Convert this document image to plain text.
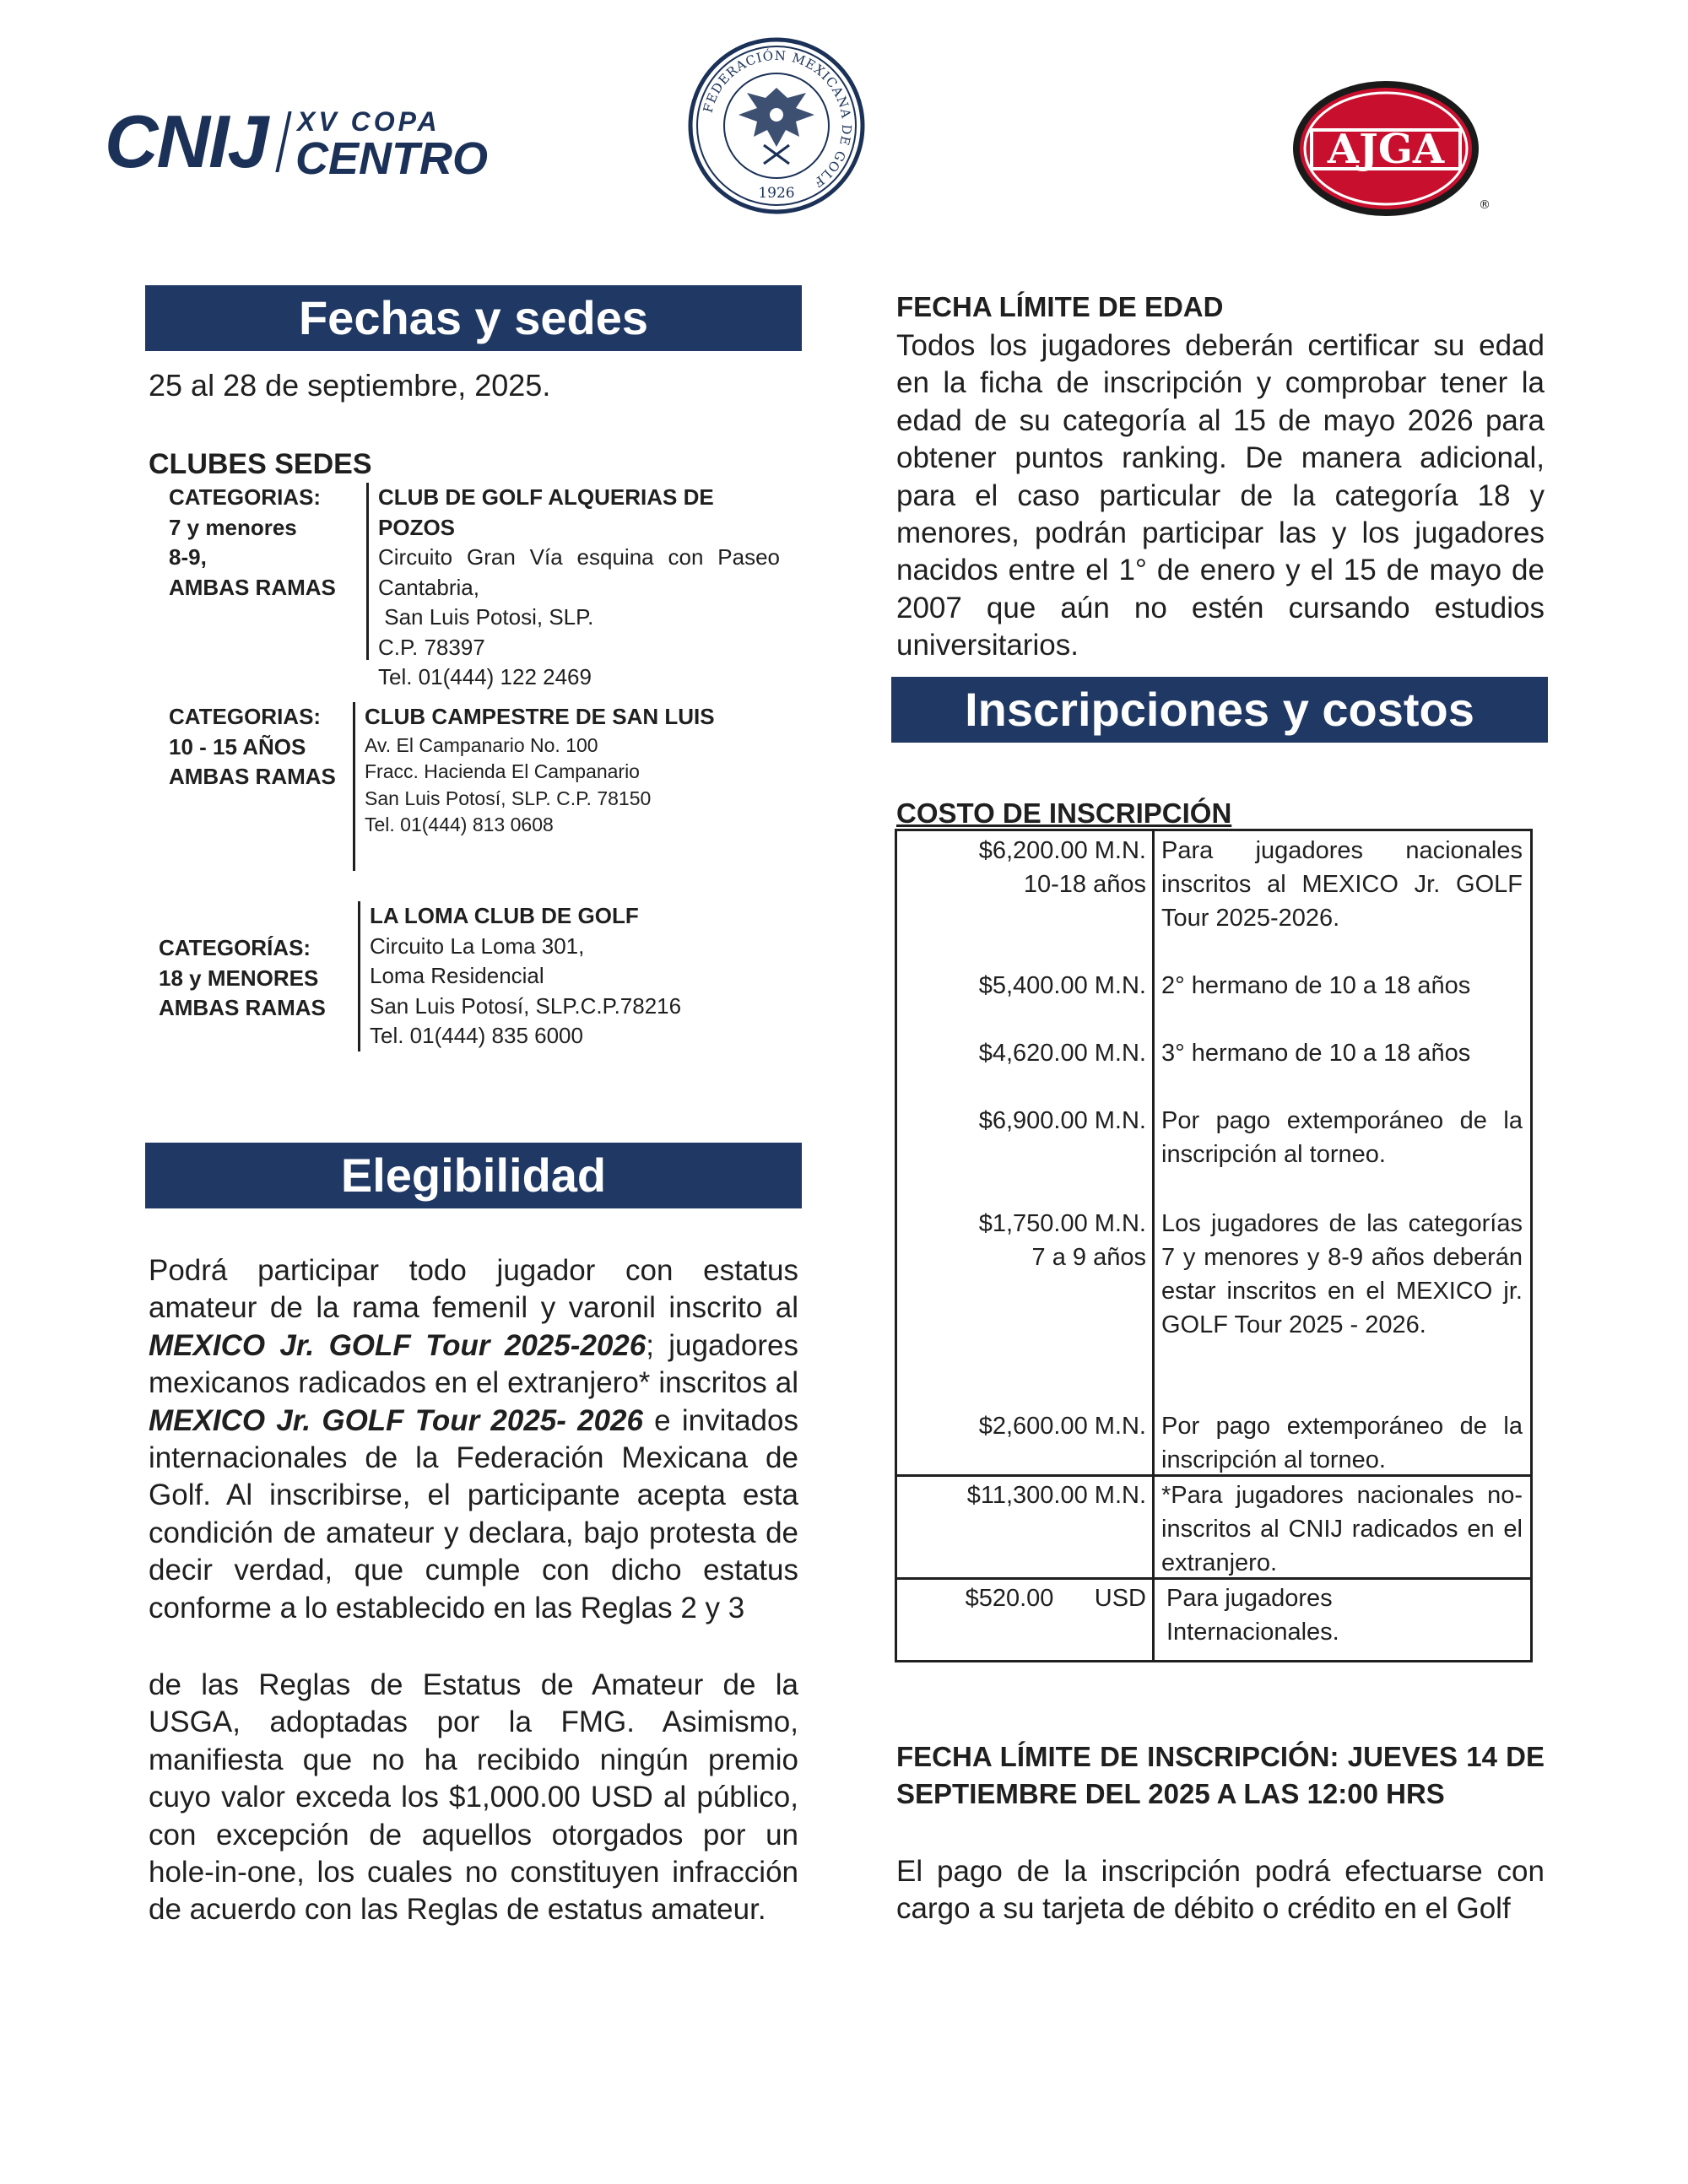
CNIJ XV COPA
CENTRO
FEDERACIÓN MEXICANA DE GOLF
1926
AJGA
®
Fechas y sedes
25 al 28 de septiembre, 2025.
CLUBES SEDES
CATEGORIAS:
7 y menores
8-9,
AMBAS RAMAS
CLUB DE GOLF ALQUERIAS DE POZOS
Circuito Gran Vía esquina con Paseo
Cantabria,
San Luis Potosi, SLP.
C.P. 78397
Tel. 01(444) 122 2469
CATEGORIAS:
10 - 15 AÑOS
AMBAS RAMAS
CLUB CAMPESTRE DE SAN LUIS
Av. El Campanario No. 100
Fracc. Hacienda El Campanario
San Luis Potosí, SLP. C.P. 78150
Tel. 01(444) 813 0608
CATEGORÍAS:
18 y MENORES
AMBAS RAMAS
LA LOMA CLUB DE GOLF
Circuito La Loma 301,
Loma Residencial
San Luis Potosí, SLP.C.P.78216
Tel. 01(444) 835 6000
Elegibilidad
Podrá participar todo jugador con estatus amateur de la rama femenil y varonil inscrito al MEXICO Jr. GOLF Tour 2025-2026; jugadores mexicanos radicados en el extranjero* inscritos al MEXICO Jr. GOLF Tour 2025- 2026 e invitados internacionales de la Federación Mexicana de Golf. Al inscribirse, el participante acepta esta condición de amateur y declara, bajo protesta de decir verdad, que cumple con dicho estatus conforme a lo establecido en las Reglas 2 y 3
de las Reglas de Estatus de Amateur de la USGA, adoptadas por la FMG. Asimismo, manifiesta que no ha recibido ningún premio cuyo valor exceda los $1,000.00 USD al público, con excepción de aquellos otorgados por un hole-in-one, los cuales no constituyen infracción de acuerdo con las Reglas de estatus amateur.
FECHA LÍMITE DE EDAD
Todos los jugadores deberán certificar su edad en la ficha de inscripción y comprobar tener la edad de su categoría al 15 de mayo 2026 para obtener puntos ranking. De manera adicional, para el caso particular de la categoría 18 y menores, podrán participar las y los jugadores nacidos entre el 1° de enero y el 15 de mayo de 2007 que aún no estén cursando estudios universitarios.
Inscripciones y costos
COSTO DE INSCRIPCIÓN
$6,200.00 M.N.
10-18 años
Para jugadores nacionales inscritos al MEXICO Jr. GOLF Tour 2025-2026.
$5,400.00 M.N. 2° hermano de 10 a 18 años
$4,620.00 M.N. 3° hermano de 10 a 18 años
$6,900.00 M.N. Por pago extemporáneo de la inscripción al torneo.
$1,750.00 M.N.
7 a 9 años
Los jugadores de las categorías 7 y menores y 8-9 años deberán estar inscritos en el MEXICO jr. GOLF Tour 2025 - 2026.
$2,600.00 M.N. Por pago extemporáneo de la inscripción al torneo.
$11,300.00 M.N. *Para jugadores nacionales no-inscritos al CNIJ radicados en el extranjero.
$520.00      USD Para jugadores Internacionales.
FECHA LÍMITE DE INSCRIPCIÓN: JUEVES 14 DE SEPTIEMBRE DEL 2025 A LAS 12:00 HRS
El pago de la inscripción podrá efectuarse con cargo a su tarjeta de débito o crédito en el Golf
